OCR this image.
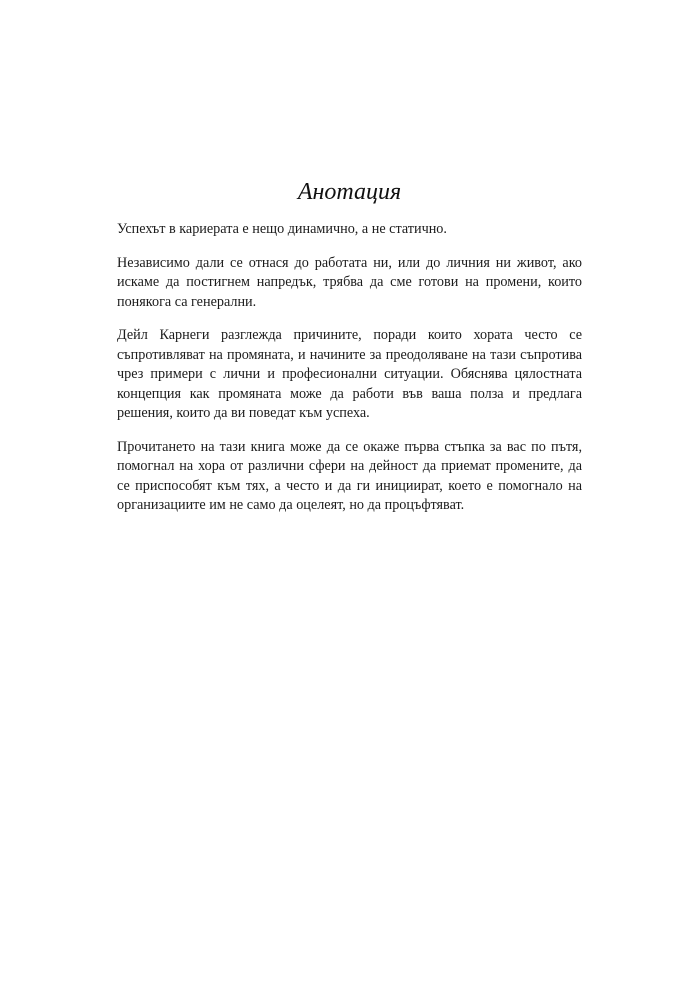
Анотация

Успехът в кариерата е нещо динамично, а не статично.

Независимо дали се отнася до работата ни, или до личния ни живот, ако искаме да постигнем напредък, трябва да сме готови на промени, които понякога са генерални.

Дейл Карнеги разглежда причините, поради които хората често се съпротивляват на промяната, и начините за преодоляване на тази съпротива чрез примери с лични и професионални ситуации. Обяснява цялостната концепция как промяната може да работи във ваша полза и предлага решения, които да ви поведат към успеха.

Прочитането на тази книга може да се окаже първа стъпка за вас по пътя, помогнал на хора от различни сфери на дейност да приемат промените, да се приспособят към тях, а често и да ги инициират, което е помогнало на организациите им не само да оцелеят, но да процъфтяват.
